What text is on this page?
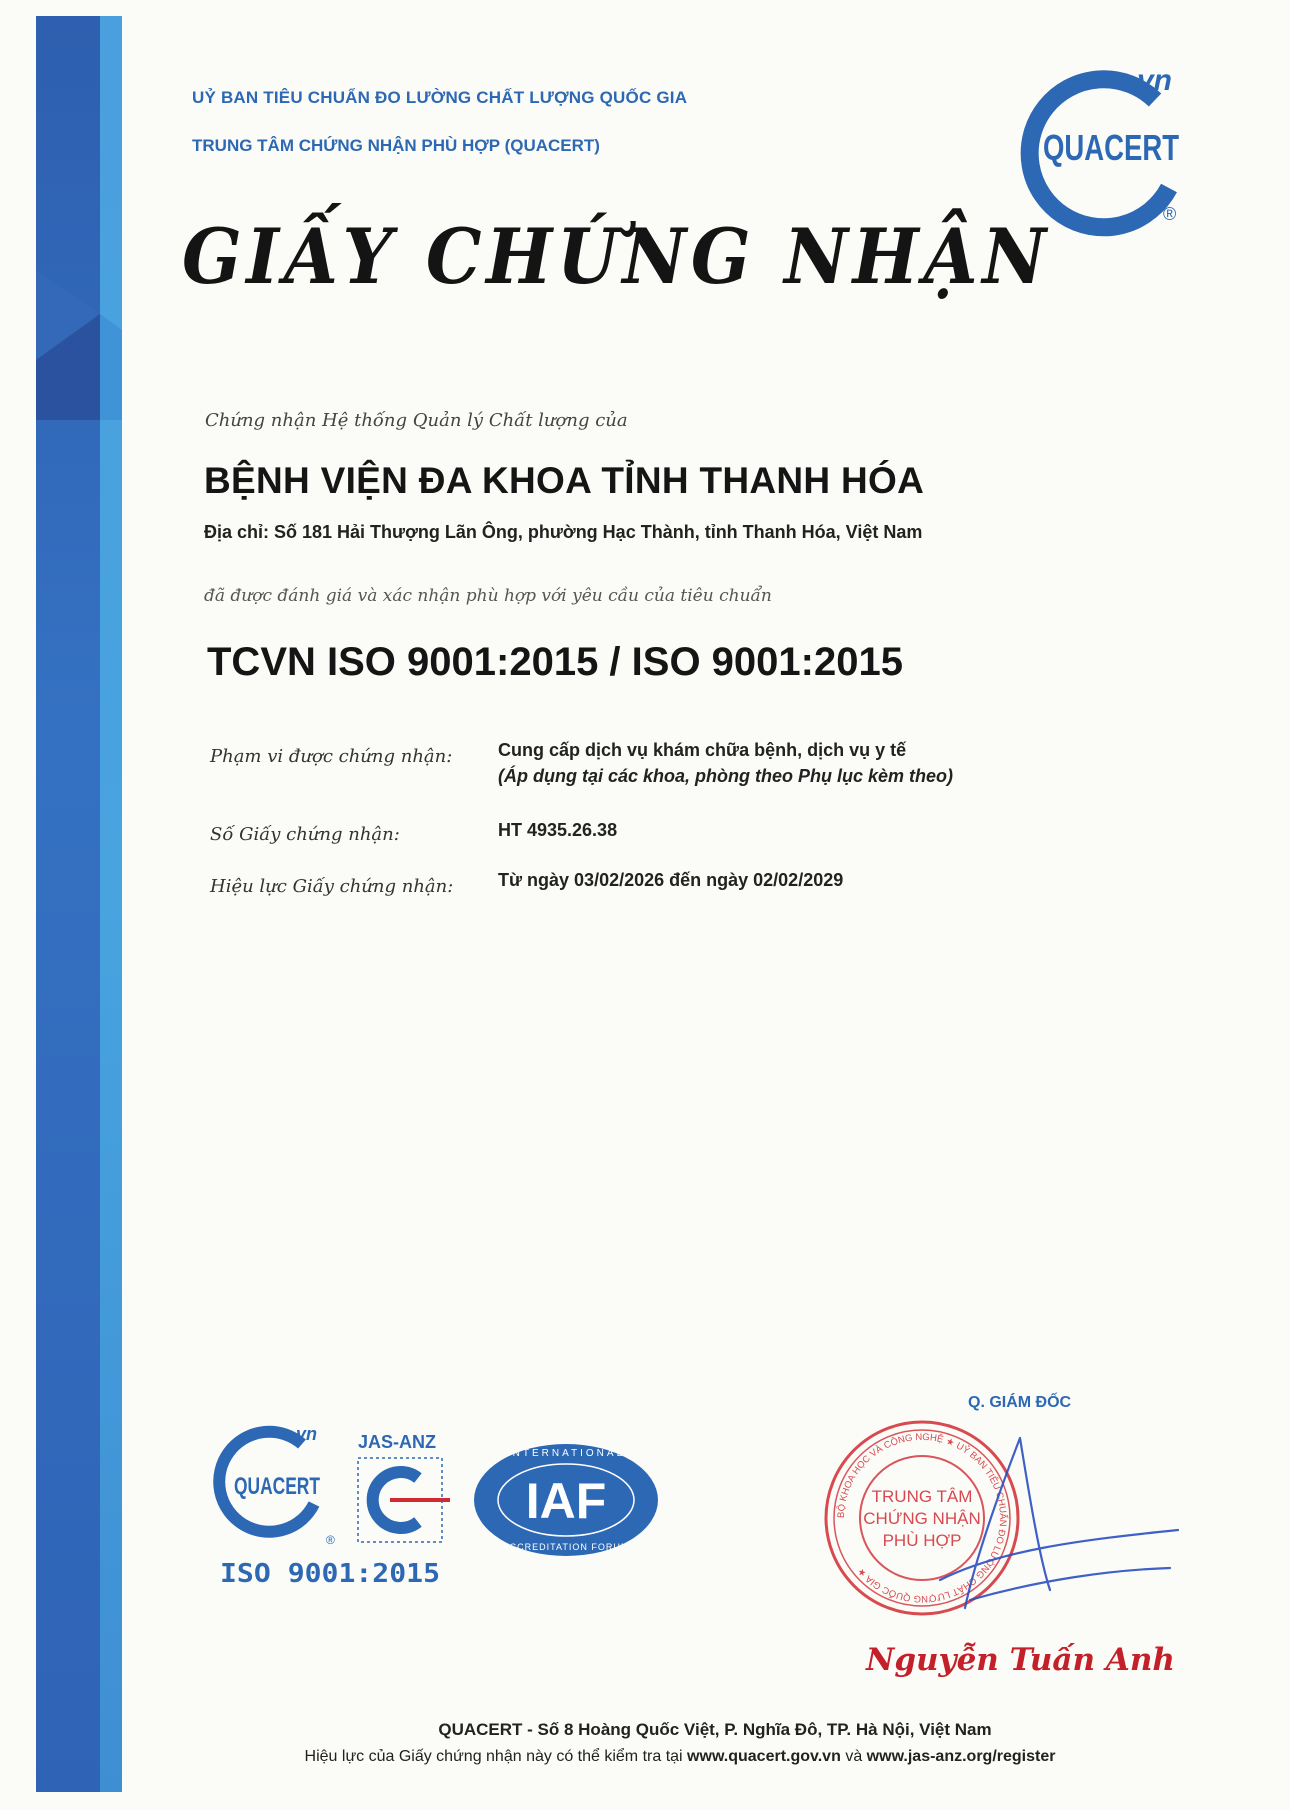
UỶ BAN TIÊU CHUẨN ĐO LƯỜNG CHẤT LƯỢNG QUỐC GIA
TRUNG TÂM CHỨNG NHẬN PHÙ HỢP (QUACERT)
vn
QUACERT
®
GIẤY CHỨNG NHẬN
Chứng nhận Hệ thống Quản lý Chất lượng của
BỆNH VIỆN ĐA KHOA TỈNH THANH HÓA
Địa chỉ: Số 181 Hải Thượng Lãn Ông, phường Hạc Thành, tỉnh Thanh Hóa, Việt Nam
đã được đánh giá và xác nhận phù hợp với yêu cầu của tiêu chuẩn
TCVN ISO 9001:2015 / ISO 9001:2015
Phạm vi được chứng nhận:	Cung cấp dịch vụ khám chữa bệnh, dịch vụ y tế
(Áp dụng tại các khoa, phòng theo Phụ lục kèm theo)
Số Giấy chứng nhận:	HT 4935.26.38
Hiệu lực Giấy chứng nhận: Từ ngày 03/02/2026 đến ngày 02/02/2029
vn
QUACERT
®
ISO 9001:2015
JAS-ANZ
INTERNATIONAL
ACCREDITATION FORUM
IAF
Q. GIÁM ĐỐC
BỘ KHOA HỌC VÀ CÔNG NGHỆ ★ UỶ BAN TIÊU CHUẨN ĐO LƯỜNG CHẤT LƯỢNG QUỐC GIA ★
TRUNG TÂM
CHỨNG NHẬN
PHÙ HỢP
Nguyễn Tuấn Anh
QUACERT - Số 8 Hoàng Quốc Việt, P. Nghĩa Đô, TP. Hà Nội, Việt Nam
Hiệu lực của Giấy chứng nhận này có thể kiểm tra tại www.quacert.gov.vn và www.jas-anz.org/register
